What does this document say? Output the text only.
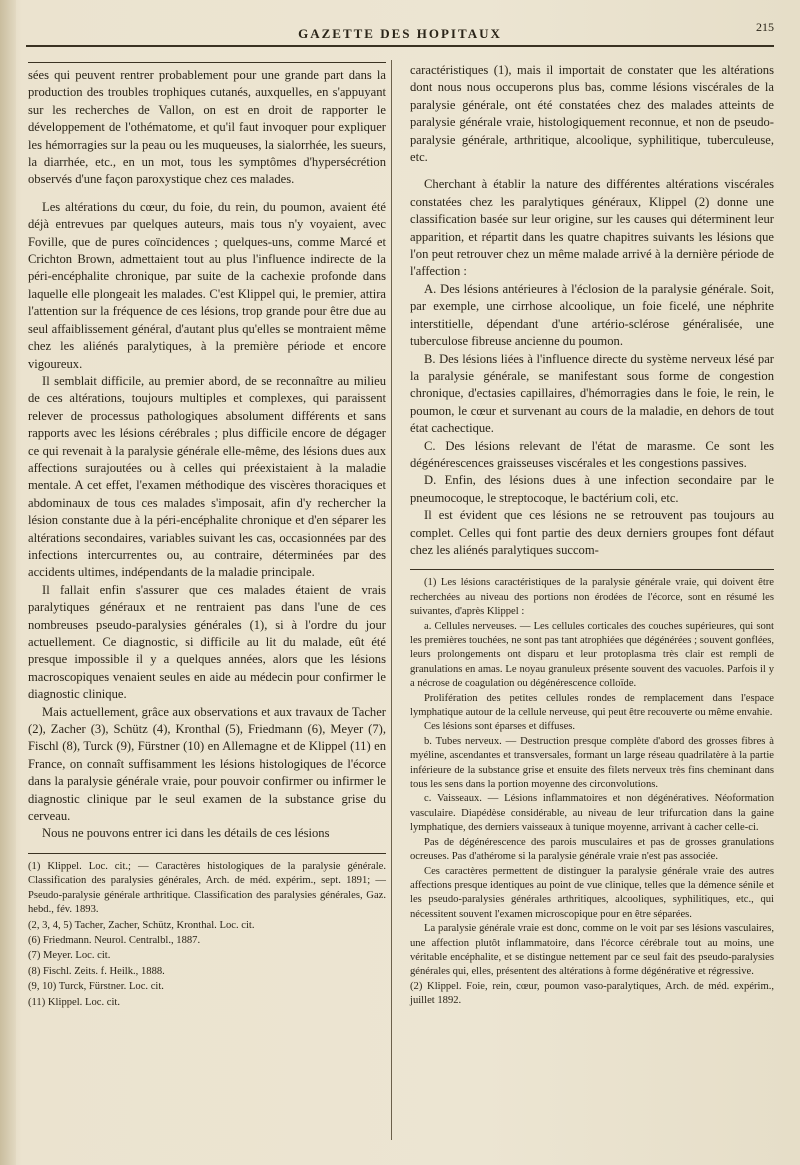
GAZETTE DES HOPITAUX	215

sées qui peuvent rentrer probablement pour une grande part dans la production des troubles trophiques cutanés, auxquelles, en s'appuyant sur les recherches de Vallon, on est en droit de rapporter le développement de l'othématome, et qu'il faut invoquer pour expliquer les hémorragies sur la peau ou les muqueuses, la sialorrhée, les sueurs, la diarrhée, etc., en un mot, tous les symptômes d'hypersécrétion observés d'une façon paroxystique chez ces malades.

Les altérations du cœur, du foie, du rein, du poumon, avaient été déjà entrevues par quelques auteurs, mais tous n'y voyaient, avec Foville, que de pures coïncidences ; quelques-uns, comme Marcé et Crichton Brown, admettaient tout au plus l'influence indirecte de la péri-encéphalite chronique, par suite de la cachexie profonde dans laquelle elle plongeait les malades. C'est Klippel qui, le premier, attira l'attention sur la fréquence de ces lésions, trop grande pour être due au seul affaiblissement général, d'autant plus qu'elles se montraient même chez les aliénés paralytiques, à la première période et encore vigoureux.

Il semblait difficile, au premier abord, de se reconnaître au milieu de ces altérations, toujours multiples et complexes, qui paraissent relever de processus pathologiques absolument différents et sans rapports avec les lésions cérébrales ; plus difficile encore de dégager ce qui revenait à la paralysie générale elle-même, des lésions dues aux affections surajoutées ou à celles qui préexistaient à la maladie mentale. A cet effet, l'examen méthodique des viscères thoraciques et abdominaux de tous ces malades s'imposait, afin d'y rechercher la lésion constante due à la péri-encéphalite chronique et d'en séparer les altérations secondaires, variables suivant les cas, occasionnées par des infections intercurrentes ou, au contraire, déterminées par des accidents ultimes, indépendants de la maladie principale.

Il fallait enfin s'assurer que ces malades étaient de vrais paralytiques généraux et ne rentraient pas dans l'une de ces nombreuses pseudo-paralysies générales (1), si à l'ordre du jour actuellement. Ce diagnostic, si difficile au lit du malade, eût été presque impossible il y a quelques années, alors que les lésions macroscopiques venaient seules en aide au médecin pour confirmer le diagnostic clinique.

Mais actuellement, grâce aux observations et aux travaux de Tacher (2), Zacher (3), Schütz (4), Kronthal (5), Friedmann (6), Meyer (7), Fischl (8), Turck (9), Fürstner (10) en Allemagne et de Klippel (11) en France, on connaît suffisamment les lésions histologiques de l'écorce dans la paralysie générale vraie, pour pouvoir confirmer ou infirmer le diagnostic clinique par le seul examen de la substance grise du cerveau.

Nous ne pouvons entrer ici dans les détails de ces lésions

(1) Klippel. Loc. cit.; — Caractères histologiques de la paralysie générale. Classification des paralysies générales, Arch. de méd. expérim., sept. 1891; — Pseudo-paralysie générale arthritique. Classification des paralysies générales, Gaz. hebd., fév. 1893.
(2, 3, 4, 5) Tacher, Zacher, Schütz, Kronthal. Loc. cit.
(6) Friedmann. Neurol. Centralbl., 1887.
(7) Meyer. Loc. cit.
(8) Fischl. Zeits. f. Heilk., 1888.
(9, 10) Turck, Fürstner. Loc. cit.
(11) Klippel. Loc. cit.

caractéristiques (1), mais il importait de constater que les altérations dont nous nous occuperons plus bas, comme lésions viscérales de la paralysie générale, ont été constatées chez des malades atteints de paralysie générale vraie, histologiquement reconnue, et non de pseudo-paralysie générale, arthritique, alcoolique, syphilitique, tuberculeuse, etc.

Cherchant à établir la nature des différentes altérations viscérales constatées chez les paralytiques généraux, Klippel (2) donne une classification basée sur leur origine, sur les causes qui déterminent leur apparition, et répartit dans les quatre chapitres suivants les lésions que l'on peut retrouver chez un même malade arrivé à la dernière période de l'affection :

A. Des lésions antérieures à l'éclosion de la paralysie générale. Soit, par exemple, une cirrhose alcoolique, un foie ficelé, une néphrite interstitielle, dépendant d'une artério-sclérose généralisée, une tuberculose fibreuse ancienne du poumon.

B. Des lésions liées à l'influence directe du système nerveux lésé par la paralysie générale, se manifestant sous forme de congestion chronique, d'ectasies capillaires, d'hémorragies dans le foie, le rein, le poumon, le cœur et survenant au cours de la maladie, en dehors de tout état cachectique.

C. Des lésions relevant de l'état de marasme. Ce sont les dégénérescences graisseuses viscérales et les congestions passives.

D. Enfin, des lésions dues à une infection secondaire par le pneumocoque, le streptocoque, le bactérium coli, etc.

Il est évident que ces lésions ne se retrouvent pas toujours au complet. Celles qui font partie des deux derniers groupes font défaut chez les aliénés paralytiques succom-

(1) Les lésions caractéristiques de la paralysie générale vraie, qui doivent être recherchées au niveau des portions non érodées de l'écorce, sont en résumé les suivantes, d'après Klippel :

a. Cellules nerveuses. — Les cellules corticales des couches supérieures, qui sont les premières touchées, ne sont pas tant atrophiées que dégénérées ; souvent gonflées, leurs prolongements ont disparu et leur protoplasma très clair est rempli de granulations en amas. Le noyau granuleux présente souvent des vacuoles. Parfois il y a nécrose de coagulation ou dégénérescence colloïde.

Prolifération des petites cellules rondes de remplacement dans l'espace lymphatique autour de la cellule nerveuse, qui peut être recouverte ou même envahie.

Ces lésions sont éparses et diffuses.

b. Tubes nerveux. — Destruction presque complète d'abord des grosses fibres à myéline, ascendantes et transversales, formant un large réseau quadrilatère à la partie inférieure de la substance grise et ensuite des filets nerveux très fins cheminant dans tous les sens dans la portion moyenne des circonvolutions.

c. Vaisseaux. — Lésions inflammatoires et non dégénératives. Néoformation vasculaire. Diapédèse considérable, au niveau de leur trifurcation dans la gaine lymphatique, des derniers vaisseaux à tunique moyenne, arrivant à cacher celle-ci.

Pas de dégénérescence des parois musculaires et pas de grosses granulations ocreuses. Pas d'athérome si la paralysie générale vraie n'est pas associée.

Ces caractères permettent de distinguer la paralysie générale vraie des autres affections presque identiques au point de vue clinique, telles que la démence sénile et les pseudo-paralysies générales arthritiques, alcooliques, syphilitiques, etc., qui nécessitent souvent l'examen microscopique pour en être séparées.

La paralysie générale vraie est donc, comme on le voit par ses lésions vasculaires, une affection plutôt inflammatoire, dans l'écorce cérébrale tout au moins, une véritable encéphalite, et se distingue nettement par ce seul fait des pseudo-paralysies générales qui, elles, présentent des altérations à forme dégénérative et régressive.

(2) Klippel. Foie, rein, cœur, poumon vaso-paralytiques, Arch. de méd. expérim., juillet 1892.
